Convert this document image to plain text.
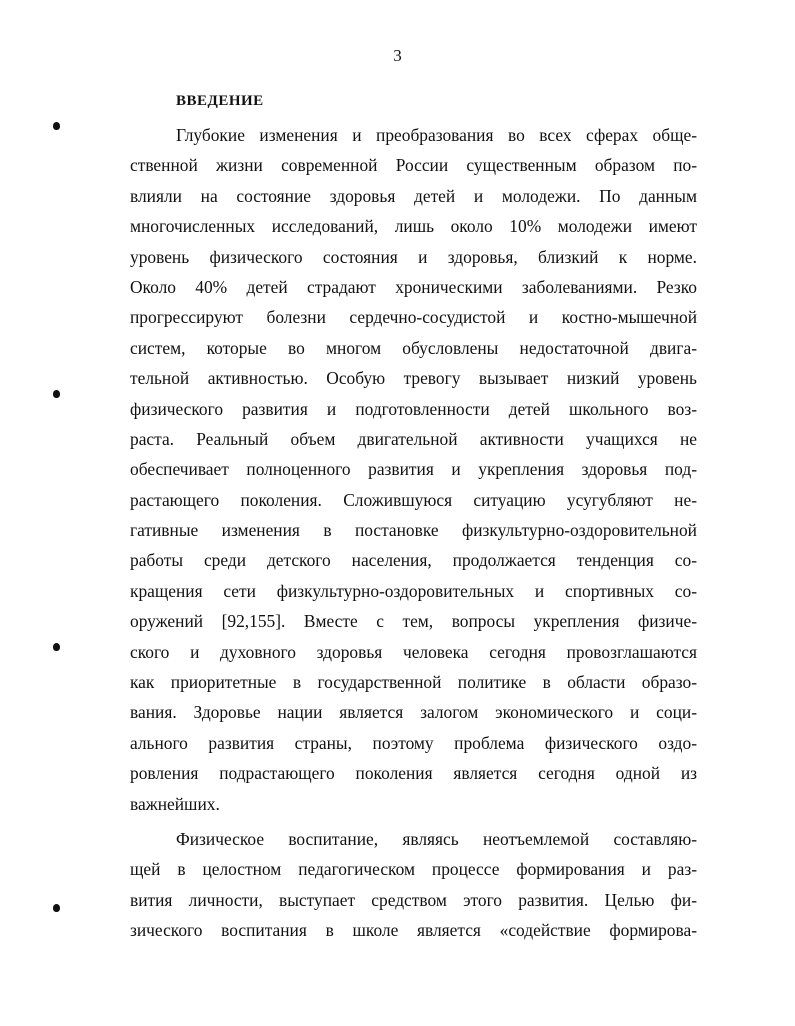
3
ВВЕДЕНИЕ
Глубокие изменения и преобразования во всех сферах обще-
ственной жизни современной России существенным образом по-
влияли на состояние здоровья детей и молодежи. По данным
многочисленных исследований, лишь около 10% молодежи имеют
уровень физического состояния и здоровья, близкий к норме.
Около 40% детей страдают хроническими заболеваниями. Резко
прогрессируют болезни сердечно-сосудистой и костно-мышечной
систем, которые во многом обусловлены недостаточной двига-
тельной активностью. Особую тревогу вызывает низкий уровень
физического развития и подготовленности детей школьного воз-
раста. Реальный объем двигательной активности учащихся не
обеспечивает полноценного развития и укрепления здоровья под-
растающего поколения. Сложившуюся ситуацию усугубляют не-
гативные изменения в постановке физкультурно-оздоровительной
работы среди детского населения, продолжается тенденция со-
кращения сети физкультурно-оздоровительных и спортивных со-
оружений [92,155]. Вместе с тем, вопросы укрепления физиче-
ского и духовного здоровья человека сегодня провозглашаются
как приоритетные в государственной политике в области образо-
вания. Здоровье нации является залогом экономического и соци-
ального развития страны, поэтому проблема физического оздо-
ровления подрастающего поколения является сегодня одной из
важнейших.
Физическое воспитание, являясь неотъемлемой составляю-
щей в целостном педагогическом процессе формирования и раз-
вития личности, выступает средством этого развития. Целью фи-
зического воспитания в школе является «содействие формирова-
